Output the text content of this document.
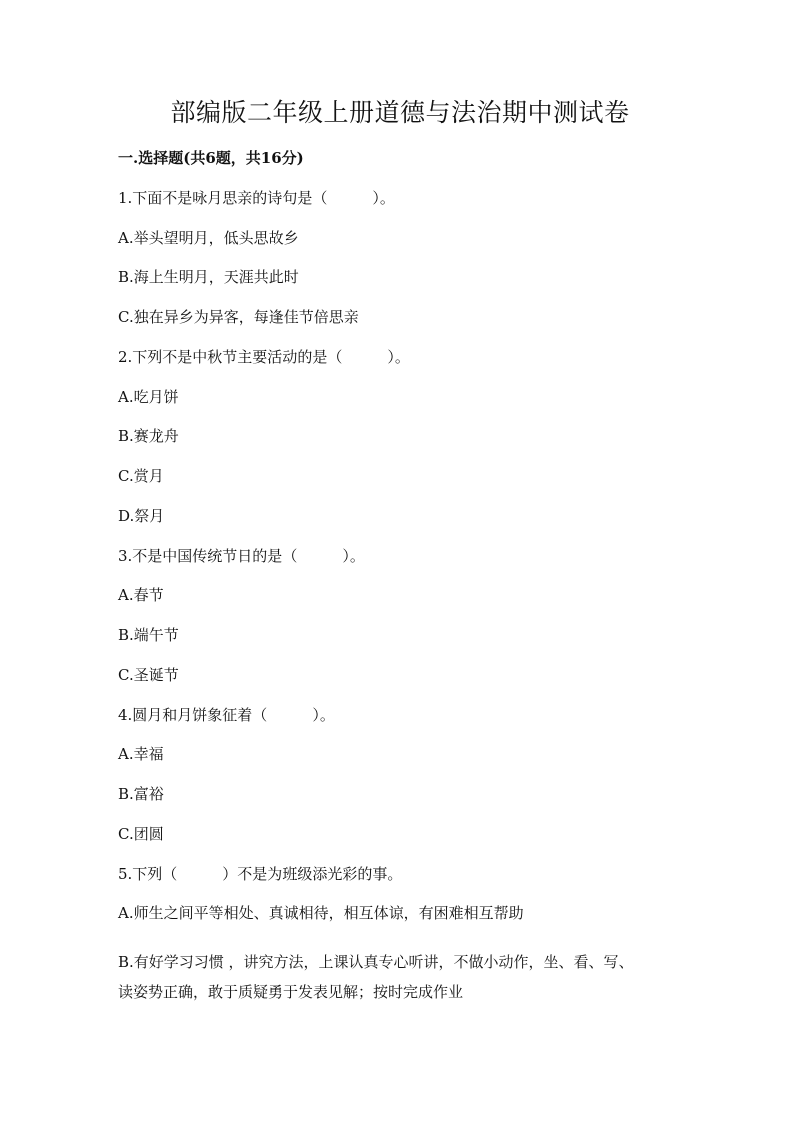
部编版二年级上册道德与法治期中测试卷
一.选择题(共6题，共16分)
1.下面不是咏月思亲的诗句是（　　　）。
A.举头望明月，低头思故乡
B.海上生明月，天涯共此时
C.独在异乡为异客，每逢佳节倍思亲
2.下列不是中秋节主要活动的是（　　　）。
A.吃月饼
B.赛龙舟
C.赏月
D.祭月
3.不是中国传统节日的是（　　　）。
A.春节
B.端午节
C.圣诞节
4.圆月和月饼象征着（　　　）。
A.幸福
B.富裕
C.团圆
5.下列（　　　）不是为班级添光彩的事。
A.师生之间平等相处、真诚相待，相互体谅，有困难相互帮助
B.有好学习习惯 ，讲究方法，上课认真专心听讲，不做小动作，坐、看、写、
读姿势正确，敢于质疑勇于发表见解；按时完成作业
